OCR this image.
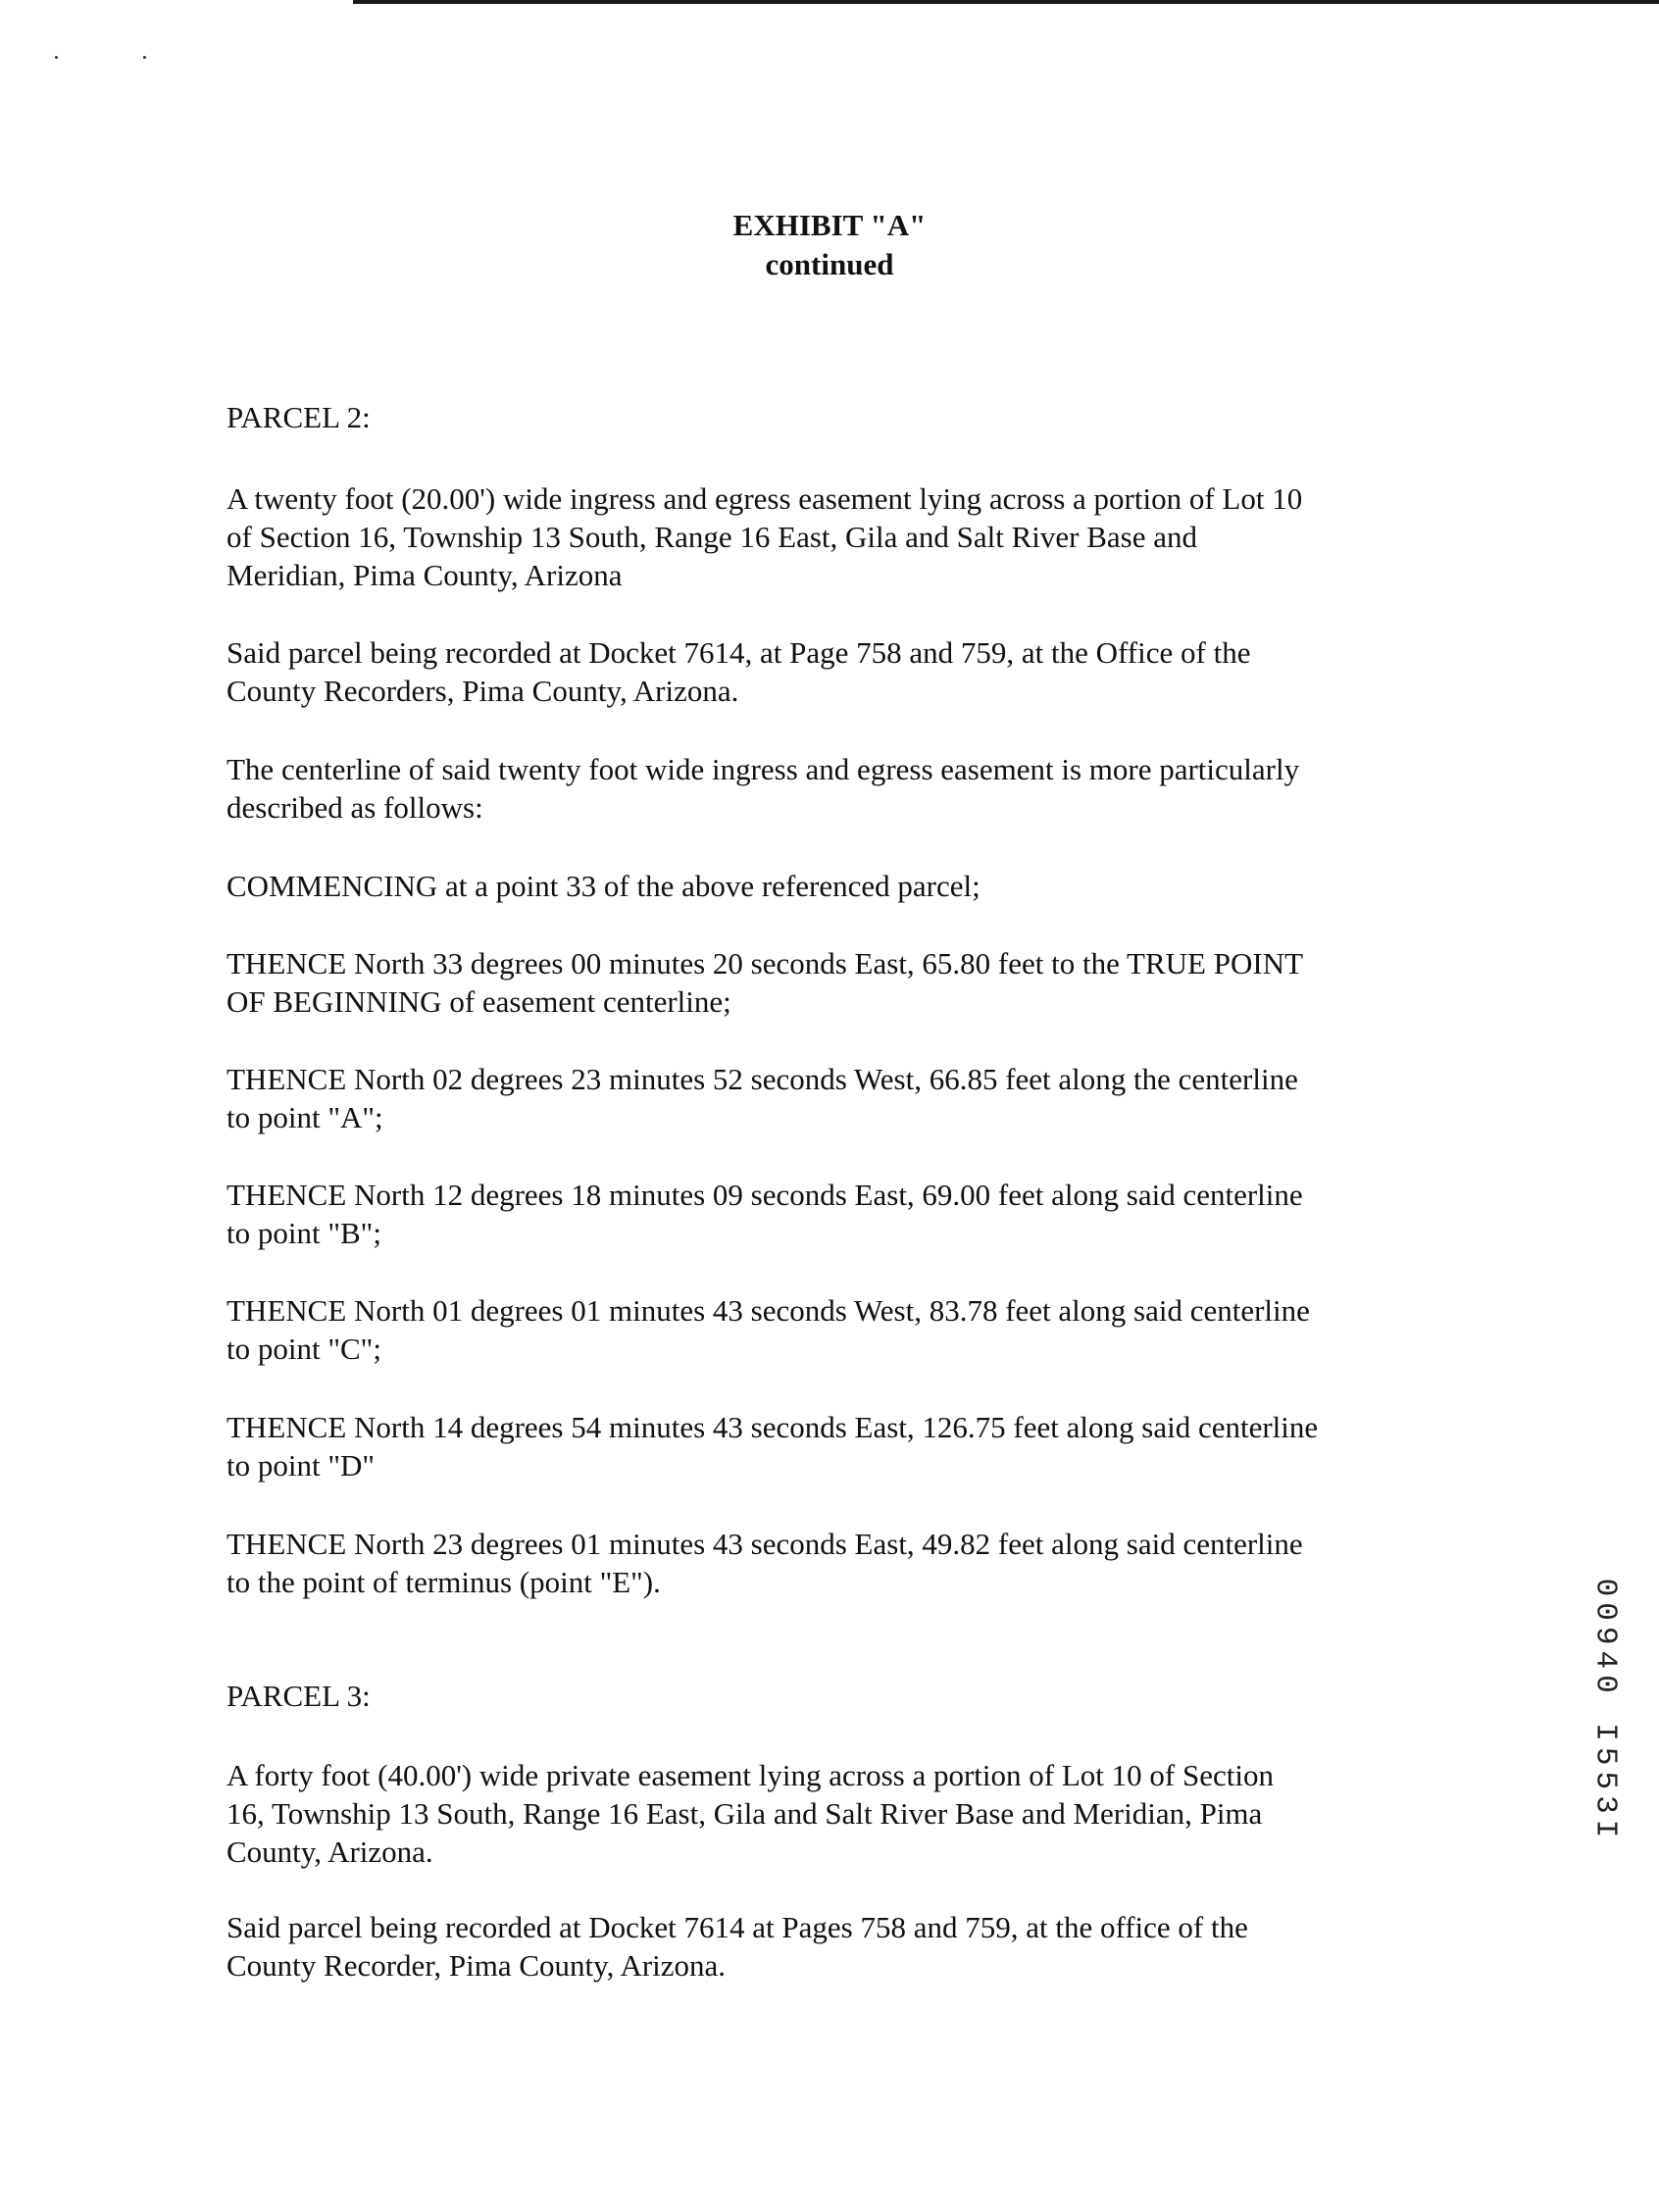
EXHIBIT "A"
continued
PARCEL 2:
A twenty foot (20.00') wide ingress and egress easement lying across a portion of Lot 10
of Section 16, Township 13 South, Range 16 East, Gila and Salt River Base and
Meridian, Pima County, Arizona
Said parcel being recorded at Docket 7614, at Page 758 and 759, at the Office of the
County Recorders, Pima County, Arizona.
The centerline of said twenty foot wide ingress and egress easement is more particularly
described as follows:
COMMENCING at a point 33 of the above referenced parcel;
THENCE North 33 degrees 00 minutes 20 seconds East, 65.80 feet to the TRUE POINT
OF BEGINNING of easement centerline;
THENCE North 02 degrees 23 minutes 52 seconds West, 66.85 feet along the centerline
to point "A";
THENCE North 12 degrees 18 minutes 09 seconds East, 69.00 feet along said centerline
to point "B";
THENCE North 01 degrees 01 minutes 43 seconds West, 83.78 feet along said centerline
to point "C";
THENCE North 14 degrees 54 minutes 43 seconds East, 126.75 feet along said centerline
to point "D"
THENCE North 23 degrees 01 minutes 43 seconds East, 49.82 feet along said centerline
to the point of terminus (point "E").
PARCEL 3:
A forty foot (40.00') wide private easement lying across a portion of Lot 10 of Section
16, Township 13 South, Range 16 East, Gila and Salt River Base and Meridian, Pima
County, Arizona.
Said parcel being recorded at Docket 7614 at Pages 758 and 759, at the office of the
County Recorder, Pima County, Arizona.
00940 I553I
